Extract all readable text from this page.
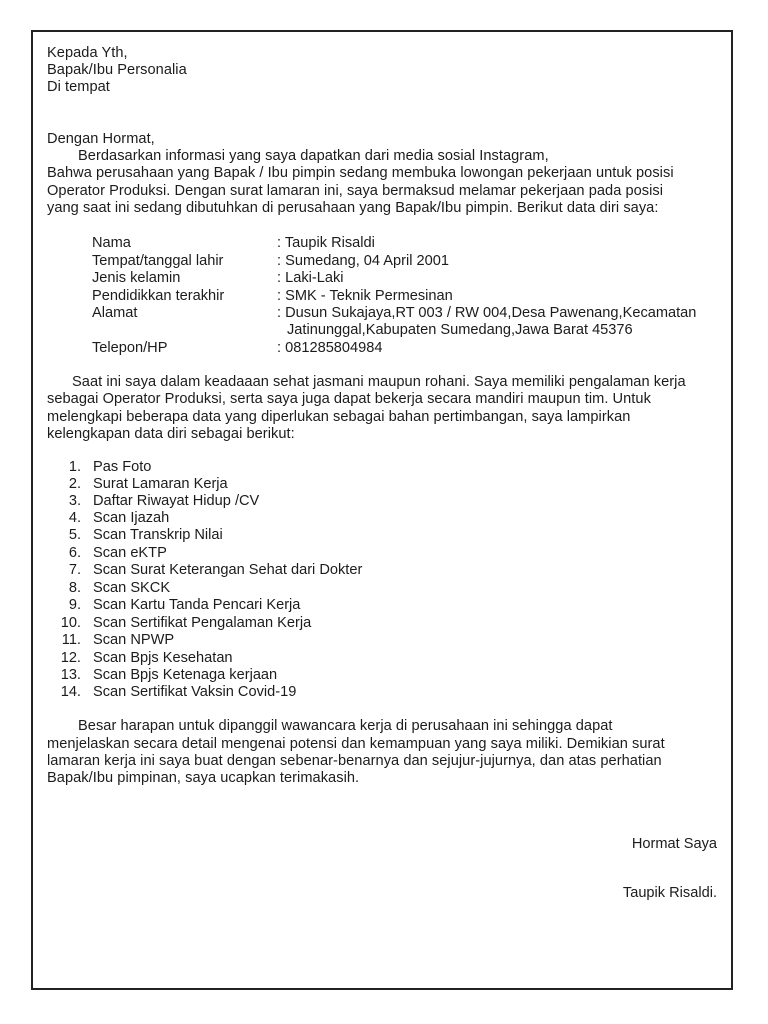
Kepada Yth,
Bapak/Ibu Personalia
Di tempat
Dengan Hormat,
Berdasarkan informasi yang saya dapatkan dari media sosial Instagram,
Bahwa perusahaan yang Bapak / Ibu pimpin sedang membuka lowongan pekerjaan untuk posisi
Operator Produksi. Dengan surat lamaran ini, saya bermaksud melamar pekerjaan pada posisi
yang saat ini sedang dibutuhkan di perusahaan yang Bapak/Ibu pimpin. Berikut data diri saya:
Nama	: Taupik Risaldi
Tempat/tanggal lahir	: Sumedang, 04 April 2001
Jenis kelamin	: Laki-Laki
Pendidikkan terakhir	: SMK - Teknik Permesinan
Alamat	: Dusun Sukajaya,RT 003 / RW 004,Desa Pawenang,Kecamatan
Jatinunggal,Kabupaten Sumedang,Jawa Barat 45376
Telepon/HP	: 081285804984
Saat ini saya dalam keadaaan sehat jasmani maupun rohani. Saya memiliki pengalaman kerja
sebagai Operator Produksi, serta saya juga dapat bekerja secara mandiri maupun tim. Untuk
melengkapi beberapa data yang diperlukan sebagai bahan pertimbangan, saya lampirkan
kelengkapan data diri sebagai berikut:
1. Pas Foto
2. Surat Lamaran Kerja
3. Daftar Riwayat Hidup /CV
4. Scan Ijazah
5. Scan Transkrip Nilai
6. Scan eKTP
7. Scan Surat Keterangan Sehat dari Dokter
8. Scan SKCK
9. Scan Kartu Tanda Pencari Kerja
10. Scan Sertifikat Pengalaman Kerja
11. Scan NPWP
12. Scan Bpjs Kesehatan
13. Scan Bpjs Ketenaga kerjaan
14. Scan Sertifikat Vaksin Covid-19
Besar harapan untuk dipanggil wawancara kerja di perusahaan ini sehingga dapat
menjelaskan secara detail mengenai potensi dan kemampuan yang saya miliki. Demikian surat
lamaran kerja ini saya buat dengan sebenar-benarnya dan sejujur-jujurnya, dan atas perhatian
Bapak/Ibu pimpinan, saya ucapkan terimakasih.
Hormat Saya
Taupik Risaldi.
